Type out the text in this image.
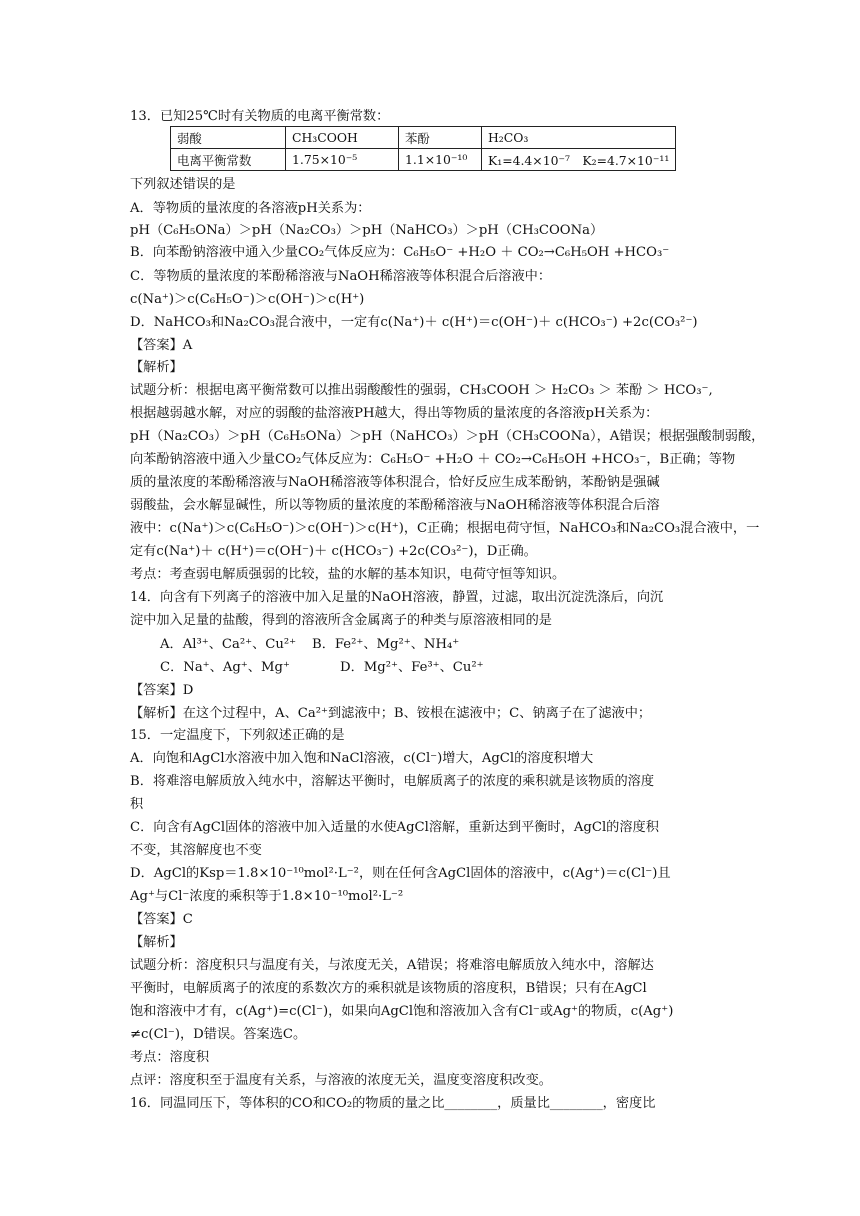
13．已知25℃时有关物质的电离平衡常数：
弱酸	CH₃COOH	苯酚	H₂CO₃
电离平衡常数	1.75×10⁻⁵	1.1×10⁻¹⁰	K₁=4.4×10⁻⁷　K₂=4.7×10⁻¹¹
下列叙述错误的是
A．等物质的量浓度的各溶液pH关系为：
pH（C₆H₅ONa）＞pH（Na₂CO₃）＞pH（NaHCO₃）＞pH（CH₃COONa）
B．向苯酚钠溶液中通入少量CO₂气体反应为：C₆H₅O⁻ +H₂O ＋ CO₂→C₆H₅OH +HCO₃⁻
C．等物质的量浓度的苯酚稀溶液与NaOH稀溶液等体积混合后溶液中：
c(Na⁺)＞c(C₆H₅O⁻)＞c(OH⁻)＞c(H⁺)
D．NaHCO₃和Na₂CO₃混合液中，一定有c(Na⁺)＋ c(H⁺)＝c(OH⁻)＋ c(HCO₃⁻) +2c(CO₃²⁻)
【答案】A
【解析】
试题分析：根据电离平衡常数可以推出弱酸酸性的强弱，CH₃COOH ＞ H₂CO₃ ＞ 苯酚 ＞ HCO₃⁻,
根据越弱越水解，对应的弱酸的盐溶液PH越大，得出等物质的量浓度的各溶液pH关系为：
pH（Na₂CO₃）＞pH（C₆H₅ONa）＞pH（NaHCO₃）＞pH（CH₃COONa），A错误；根据强酸制弱酸，
向苯酚钠溶液中通入少量CO₂气体反应为：C₆H₅O⁻ +H₂O ＋ CO₂→C₆H₅OH +HCO₃⁻，B正确；等物
质的量浓度的苯酚稀溶液与NaOH稀溶液等体积混合，恰好反应生成苯酚钠，苯酚钠是强碱
弱酸盐，会水解显碱性，所以等物质的量浓度的苯酚稀溶液与NaOH稀溶液等体积混合后溶
液中：c(Na⁺)＞c(C₆H₅O⁻)＞c(OH⁻)＞c(H⁺)，C正确；根据电荷守恒，NaHCO₃和Na₂CO₃混合液中，一
定有c(Na⁺)＋ c(H⁺)＝c(OH⁻)＋ c(HCO₃⁻) +2c(CO₃²⁻)，D正确。
考点：考查弱电解质强弱的比较，盐的水解的基本知识，电荷守恒等知识。
14．向含有下列离子的溶液中加入足量的NaOH溶液，静置，过滤，取出沉淀洗涤后，向沉
淀中加入足量的盐酸，得到的溶液所含金属离子的种类与原溶液相同的是
A．Al³⁺、Ca²⁺、Cu²⁺ B．Fe²⁺、Mg²⁺、NH₄⁺
C．Na⁺、Ag⁺、Mg⁺	D．Mg²⁺、Fe³⁺、Cu²⁺
【答案】D
【解析】在这个过程中，A、Ca²⁺到滤液中；B、铵根在滤液中；C、钠离子在了滤液中；
15．一定温度下，下列叙述正确的是
A．向饱和AgCl水溶液中加入饱和NaCl溶液，c(Cl⁻)增大，AgCl的溶度积增大
B．将难溶电解质放入纯水中，溶解达平衡时，电解质离子的浓度的乘积就是该物质的溶度
积
C．向含有AgCl固体的溶液中加入适量的水使AgCl溶解，重新达到平衡时，AgCl的溶度积
不变，其溶解度也不变
D．AgCl的Ksp＝1.8×10⁻¹⁰mol²·L⁻²，则在任何含AgCl固体的溶液中，c(Ag⁺)＝c(Cl⁻)且
Ag⁺与Cl⁻浓度的乘积等于1.8×10⁻¹⁰mol²·L⁻²
【答案】C
【解析】
试题分析：溶度积只与温度有关，与浓度无关，A错误；将难溶电解质放入纯水中，溶解达
平衡时，电解质离子的浓度的系数次方的乘积就是该物质的溶度积，B错误；只有在AgCl
饱和溶液中才有，c(Ag⁺)=c(Cl⁻)，如果向AgCl饱和溶液加入含有Cl⁻或Ag⁺的物质，c(Ag⁺)
≠c(Cl⁻)，D错误。答案选C。
考点：溶度积
点评：溶度积至于温度有关系，与溶液的浓度无关，温度变溶度积改变。
16．同温同压下，等体积的CO和CO₂的物质的量之比________，质量比________，密度比
